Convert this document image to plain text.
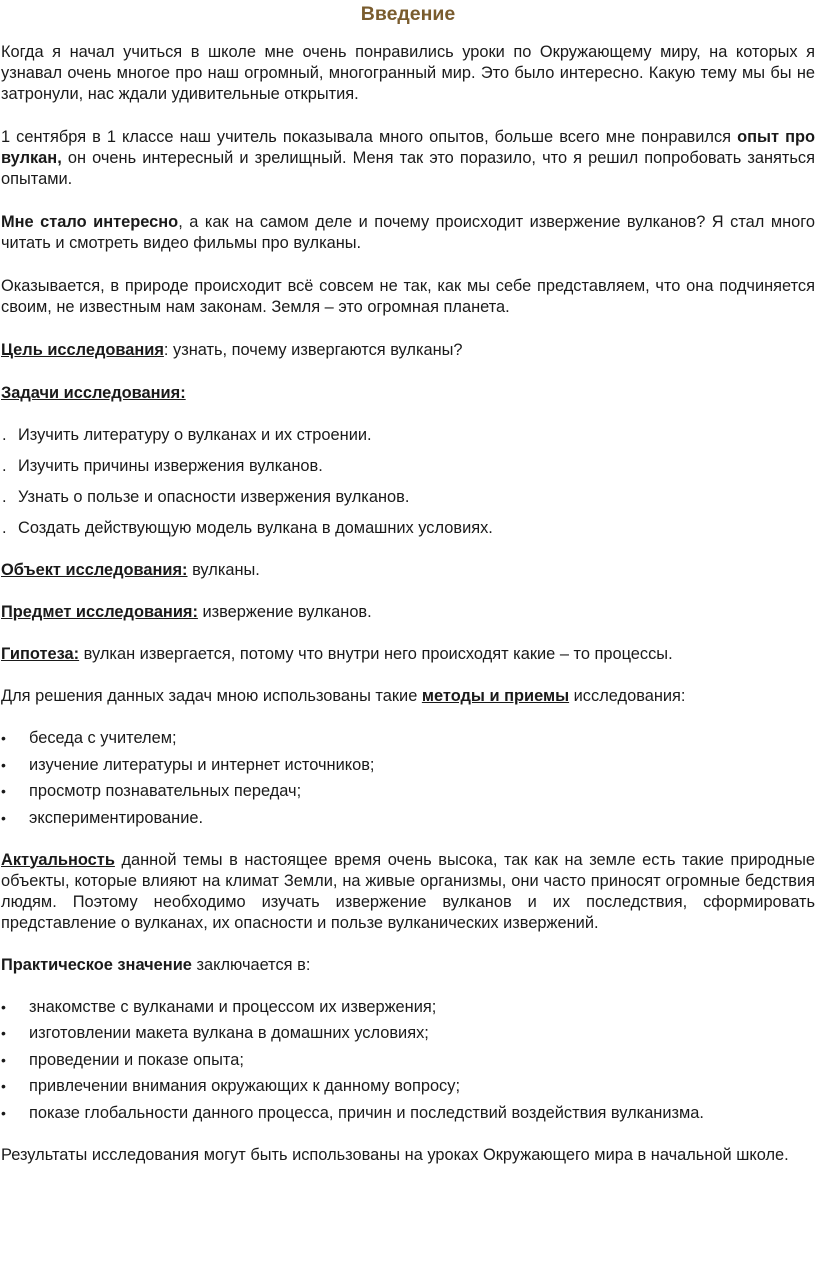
Введение

Когда я начал учиться в школе мне очень понравились уроки по Окружающему миру, на которых я узнавал очень многое про наш огромный, многогранный мир. Это было интересно. Какую тему мы бы не затронули, нас ждали удивительные открытия.

1 сентября в 1 классе наш учитель показывала много опытов, больше всего мне понравился опыт про вулкан, он очень интересный и зрелищный. Меня так это поразило, что я решил попробовать заняться опытами.

Мне стало интересно, а как на самом деле и почему происходит извержение вулканов? Я стал много читать и смотреть видео фильмы про вулканы.

Оказывается, в природе происходит всё совсем не так, как мы себе представляем, что она подчиняется своим, не известным нам законам. Земля – это огромная планета.

Цель исследования: узнать, почему извергаются вулканы?

Задачи исследования:

. Изучить литературу о вулканах и их строении.
. Изучить причины извержения вулканов.
. Узнать о пользе и опасности извержения вулканов.
. Создать действующую модель вулкана в домашних условиях.

Объект исследования: вулканы.

Предмет исследования: извержение вулканов.

Гипотеза: вулкан извергается, потому что внутри него происходят какие – то процессы.

Для решения данных задач мною использованы такие методы и приемы исследования:

• беседа с учителем;
• изучение литературы и интернет источников;
• просмотр познавательных передач;
• экспериментирование.

Актуальность данной темы в настоящее время очень высока, так как на земле есть такие природные объекты, которые влияют на климат Земли, на живые организмы, они часто приносят огромные бедствия людям. Поэтому необходимо изучать извержение вулканов и их последствия, сформировать представление о вулканах, их опасности и пользе вулканических извержений.

Практическое значение заключается в:

• знакомстве с вулканами и процессом их извержения;
• изготовлении макета вулкана в домашних условиях;
• проведении и показе опыта;
• привлечении внимания окружающих к данному вопросу;
• показе глобальности данного процесса, причин и последствий воздействия вулканизма.

Результаты исследования могут быть использованы на уроках Окружающего мира в начальной школе.
